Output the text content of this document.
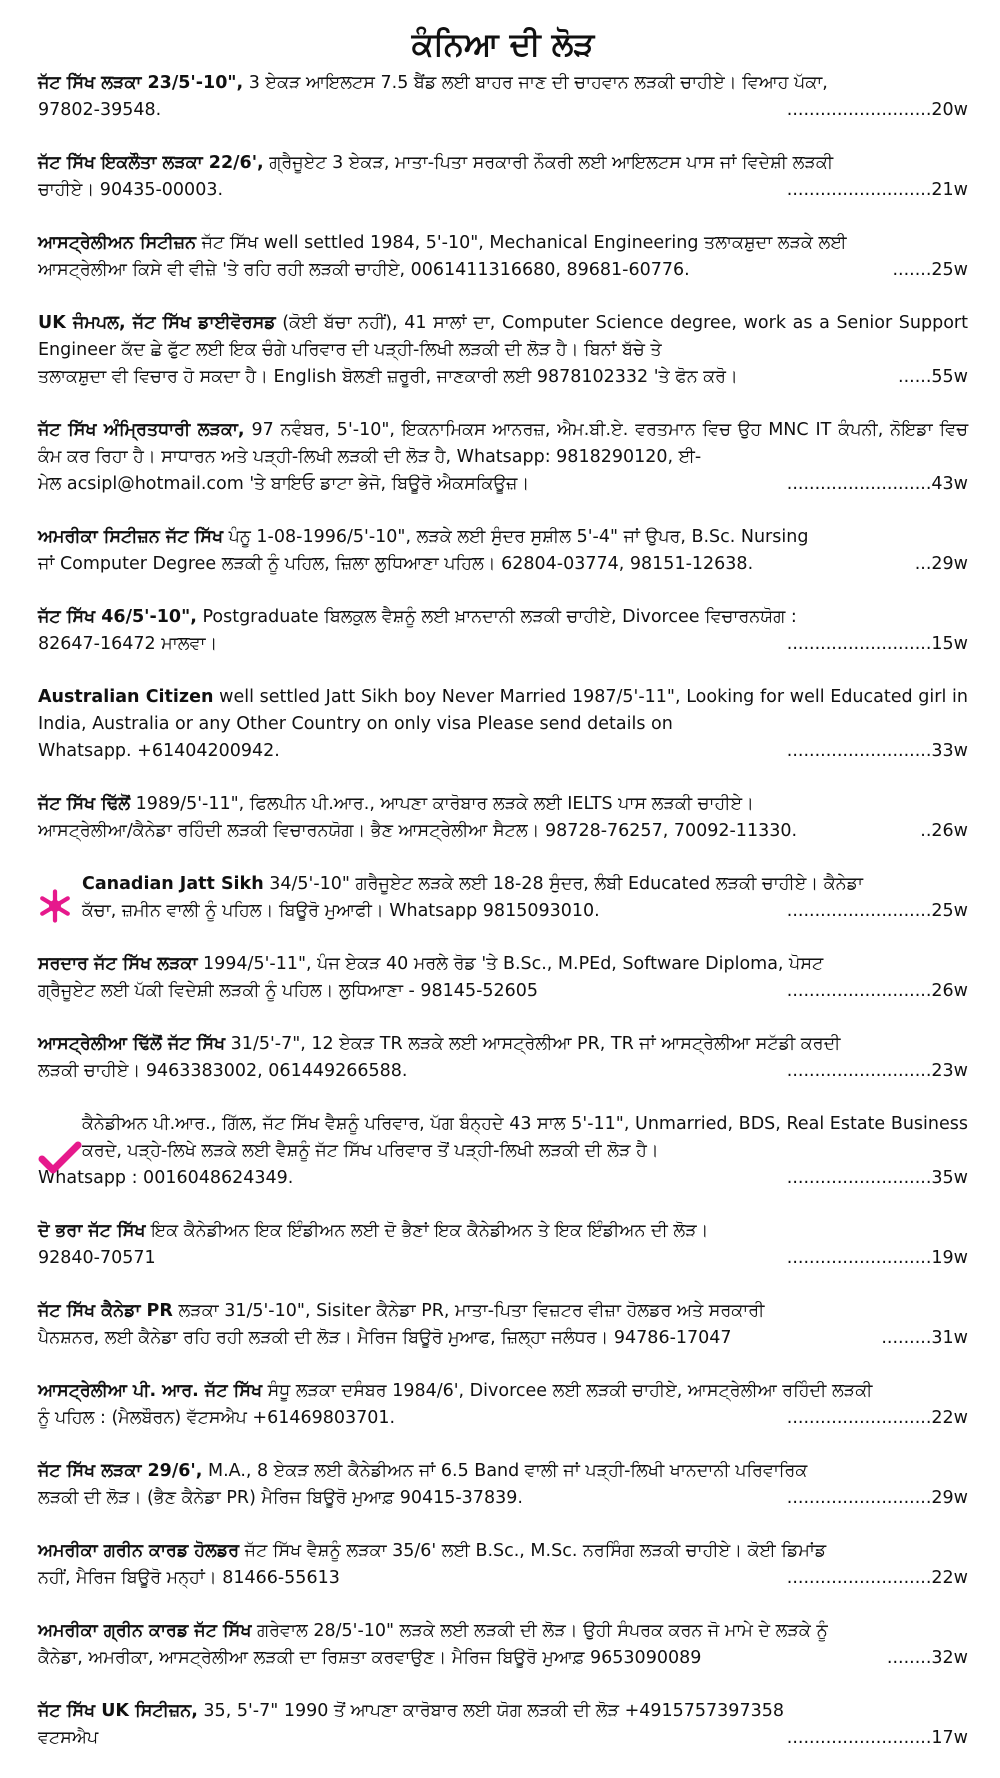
ਕੰਨਿਆ ਦੀ ਲੋੜ
ਜੱਟ ਸਿੱਖ ਲੜਕਾ 23/5'-10", 3 ਏਕੜ ਆਇਲਟਸ 7.5 ਬੈਂਡ ਲਈ ਬਾਹਰ ਜਾਣ ਦੀ ਚਾਹਵਾਨ ਲੜਕੀ ਚਾਹੀਏ। ਵਿਆਹ ਪੱਕਾ,
97802-39548.	..........................20w
ਜੱਟ ਸਿੱਖ ਇਕਲੌਤਾ ਲੜਕਾ 22/6', ਗ੍ਰੈਜੂਏਟ 3 ਏਕੜ, ਮਾਤਾ-ਪਿਤਾ ਸਰਕਾਰੀ ਨੌਕਰੀ ਲਈ ਆਇਲਟਸ ਪਾਸ ਜਾਂ ਵਿਦੇਸ਼ੀ ਲੜਕੀ
ਚਾਹੀਏ। 90435-00003.	..........................21w
ਆਸਟ੍ਰੇਲੀਅਨ ਸਿਟੀਜ਼ਨ ਜੱਟ ਸਿੱਖ well settled 1984, 5'-10", Mechanical Engineering ਤਲਾਕਸ਼ੁਦਾ ਲੜਕੇ ਲਈ
ਆਸਟ੍ਰੇਲੀਆ ਕਿਸੇ ਵੀ ਵੀਜ਼ੇ 'ਤੇ ਰਹਿ ਰਹੀ ਲੜਕੀ ਚਾਹੀਏ, 0061411316680, 89681-60776.	.......25w
UK ਜੰਮਪਲ, ਜੱਟ ਸਿੱਖ ਡਾਈਵੋਰਸਡ (ਕੋਈ ਬੱਚਾ ਨਹੀਂ), 41 ਸਾਲਾਂ ਦਾ, Computer Science degree, work as a Senior Support Engineer ਕੱਦ ਛੇ ਫੁੱਟ ਲਈ ਇਕ ਚੰਗੇ ਪਰਿਵਾਰ ਦੀ ਪੜ੍ਹੀ-ਲਿਖੀ ਲੜਕੀ ਦੀ ਲੋੜ ਹੈ। ਬਿਨਾਂ ਬੱਚੇ ਤੇ
ਤਲਾਕਸ਼ੁਦਾ ਵੀ ਵਿਚਾਰ ਹੋ ਸਕਦਾ ਹੈ। English ਬੋਲਣੀ ਜ਼ਰੂਰੀ, ਜਾਣਕਾਰੀ ਲਈ 9878102332 'ਤੇ ਫੋਨ ਕਰੋ।	......55w
ਜੱਟ ਸਿੱਖ ਅੰਮ੍ਰਿਤਧਾਰੀ ਲੜਕਾ, 97 ਨਵੰਬਰ, 5'-10", ਇਕਨਾਮਿਕਸ ਆਨਰਜ਼, ਐਮ.ਬੀ.ਏ. ਵਰਤਮਾਨ ਵਿਚ ਉਹ MNC IT ਕੰਪਨੀ, ਨੋਇਡਾ ਵਿਚ ਕੰਮ ਕਰ ਰਿਹਾ ਹੈ। ਸਾਧਾਰਨ ਅਤੇ ਪੜ੍ਹੀ-ਲਿਖੀ ਲੜਕੀ ਦੀ ਲੋੜ ਹੈ, Whatsapp: 9818290120, ਈ-
ਮੇਲ acsipl@hotmail.com 'ਤੇ ਬਾਇਓ ਡਾਟਾ ਭੇਜੋ, ਬਿਊਰੋ ਐਕਸਕਿਊਜ਼।	..........................43w
ਅਮਰੀਕਾ ਸਿਟੀਜ਼ਨ ਜੱਟ ਸਿੱਖ ਪੰਨੂ 1-08-1996/5'-10", ਲੜਕੇ ਲਈ ਸੁੰਦਰ ਸੁਸ਼ੀਲ 5'-4" ਜਾਂ ਉਪਰ, B.Sc. Nursing
ਜਾਂ Computer Degree ਲੜਕੀ ਨੂੰ ਪਹਿਲ, ਜ਼ਿਲਾ ਲੁਧਿਆਣਾ ਪਹਿਲ। 62804-03774, 98151-12638.	...29w
ਜੱਟ ਸਿੱਖ 46/5'-10", Postgraduate ਬਿਲਕੁਲ ਵੈਸ਼ਨੂੰ ਲਈ ਖ਼ਾਨਦਾਨੀ ਲੜਕੀ ਚਾਹੀਏ, Divorcee ਵਿਚਾਰਨਯੋਗ :
82647-16472 ਮਾਲਵਾ।	..........................15w
Australian Citizen well settled Jatt Sikh boy Never Married 1987/5'-11", Looking for well Educated girl in India, Australia or any Other Country on only visa Please send details on
Whatsapp. +61404200942.	..........................33w
ਜੱਟ ਸਿੱਖ ਢਿੱਲੋਂ 1989/5'-11", ਫਿਲਪੀਨ ਪੀ.ਆਰ., ਆਪਣਾ ਕਾਰੋਬਾਰ ਲੜਕੇ ਲਈ IELTS ਪਾਸ ਲੜਕੀ ਚਾਹੀਏ।
ਆਸਟ੍ਰੇਲੀਆ/ਕੈਨੇਡਾ ਰਹਿੰਦੀ ਲੜਕੀ ਵਿਚਾਰਨਯੋਗ। ਭੈਣ ਆਸਟ੍ਰੇਲੀਆ ਸੈਟਲ। 98728-76257, 70092-11330.	..26w
Canadian Jatt Sikh 34/5'-10" ਗਰੈਜੂਏਟ ਲੜਕੇ ਲਈ 18-28 ਸੁੰਦਰ, ਲੰਬੀ Educated ਲੜਕੀ ਚਾਹੀਏ। ਕੈਨੇਡਾ
ਕੱਚਾ, ਜ਼ਮੀਨ ਵਾਲੀ ਨੂੰ ਪਹਿਲ। ਬਿਊਰੋ ਮੁਆਫੀ। Whatsapp 9815093010.	..........................25w
ਸਰਦਾਰ ਜੱਟ ਸਿੱਖ ਲੜਕਾ 1994/5'-11", ਪੰਜ ਏਕੜ 40 ਮਰਲੇ ਰੋਡ 'ਤੇ B.Sc., M.PEd, Software Diploma, ਪੋਸਟ
ਗ੍ਰੈਜੂਏਟ ਲਈ ਪੱਕੀ ਵਿਦੇਸ਼ੀ ਲੜਕੀ ਨੂੰ ਪਹਿਲ। ਲੁਧਿਆਣਾ - 98145-52605	..........................26w
ਆਸਟ੍ਰੇਲੀਆ ਢਿੱਲੋਂ ਜੱਟ ਸਿੱਖ 31/5'-7", 12 ਏਕੜ TR ਲੜਕੇ ਲਈ ਆਸਟ੍ਰੇਲੀਆ PR, TR ਜਾਂ ਆਸਟ੍ਰੇਲੀਆ ਸਟੱਡੀ ਕਰਦੀ
ਲੜਕੀ ਚਾਹੀਏ। 9463383002, 061449266588.	..........................23w
ਕੈਨੇਡੀਅਨ ਪੀ.ਆਰ., ਗਿੱਲ, ਜੱਟ ਸਿੱਖ ਵੈਸ਼ਨੂੰ ਪਰਿਵਾਰ, ਪੱਗ ਬੰਨ੍ਹਦੇ 43 ਸਾਲ 5'-11", Unmarried, BDS, Real Estate Business ਕਰਦੇ, ਪੜ੍ਹੇ-ਲਿਖੇ ਲੜਕੇ ਲਈ ਵੈਸ਼ਨੂੰ ਜੱਟ ਸਿੱਖ ਪਰਿਵਾਰ ਤੋਂ ਪੜ੍ਹੀ-ਲਿਖੀ ਲੜਕੀ ਦੀ ਲੋੜ ਹੈ।
Whatsapp : 0016048624349.	..........................35w
ਦੋ ਭਰਾ ਜੱਟ ਸਿੱਖ ਇਕ ਕੈਨੇਡੀਅਨ ਇਕ ਇੰਡੀਅਨ ਲਈ ਦੋ ਭੈਣਾਂ ਇਕ ਕੈਨੇਡੀਅਨ ਤੇ ਇਕ ਇੰਡੀਅਨ ਦੀ ਲੋੜ।
92840-70571	..........................19w
ਜੱਟ ਸਿੱਖ ਕੈਨੇਡਾ PR ਲੜਕਾ 31/5'-10", Sisiter ਕੈਨੇਡਾ PR, ਮਾਤਾ-ਪਿਤਾ ਵਿਜ਼ਟਰ ਵੀਜ਼ਾ ਹੋਲਡਰ ਅਤੇ ਸਰਕਾਰੀ
ਪੈਨਸ਼ਨਰ, ਲਈ ਕੈਨੇਡਾ ਰਹਿ ਰਹੀ ਲੜਕੀ ਦੀ ਲੋੜ। ਮੈਰਿਜ ਬਿਊਰੋ ਮੁਆਫ, ਜ਼ਿਲ੍ਹਾ ਜਲੰਧਰ। 94786-17047	.........31w
ਆਸਟ੍ਰੇਲੀਆ ਪੀ. ਆਰ. ਜੱਟ ਸਿੱਖ ਸੰਧੂ ਲੜਕਾ ਦਸੰਬਰ 1984/6', Divorcee ਲਈ ਲੜਕੀ ਚਾਹੀਏ, ਆਸਟ੍ਰੇਲੀਆ ਰਹਿੰਦੀ ਲੜਕੀ
ਨੂੰ ਪਹਿਲ : (ਮੈਲਬੌਰਨ) ਵੱਟਸਐਪ +61469803701.	..........................22w
ਜੱਟ ਸਿੱਖ ਲੜਕਾ 29/6', M.A., 8 ਏਕੜ ਲਈ ਕੈਨੇਡੀਅਨ ਜਾਂ 6.5 Band ਵਾਲੀ ਜਾਂ ਪੜ੍ਹੀ-ਲਿਖੀ ਖਾਨਦਾਨੀ ਪਰਿਵਾਰਿਕ
ਲੜਕੀ ਦੀ ਲੋੜ। (ਭੈਣ ਕੈਨੇਡਾ PR) ਮੈਰਿਜ ਬਿਊਰੋ ਮੁਆਫ਼ 90415-37839.	..........................29w
ਅਮਰੀਕਾ ਗਰੀਨ ਕਾਰਡ ਹੋਲਡਰ ਜੱਟ ਸਿੱਖ ਵੈਸ਼ਨੂੰ ਲੜਕਾ 35/6' ਲਈ B.Sc., M.Sc. ਨਰਸਿੰਗ ਲੜਕੀ ਚਾਹੀਏ। ਕੋਈ ਡਿਮਾਂਡ
ਨਹੀਂ, ਮੈਰਿਜ ਬਿਊਰੋ ਮਨ੍ਹਾਂ। 81466-55613	..........................22w
ਅਮਰੀਕਾ ਗ੍ਰੀਨ ਕਾਰਡ ਜੱਟ ਸਿੱਖ ਗਰੇਵਾਲ 28/5'-10" ਲੜਕੇ ਲਈ ਲੜਕੀ ਦੀ ਲੋੜ। ਉਹੀ ਸੰਪਰਕ ਕਰਨ ਜੋ ਮਾਮੇ ਦੇ ਲੜਕੇ ਨੂੰ
ਕੈਨੇਡਾ, ਅਮਰੀਕਾ, ਆਸਟ੍ਰੇਲੀਆ ਲੜਕੀ ਦਾ ਰਿਸ਼ਤਾ ਕਰਵਾਉਣ। ਮੈਰਿਜ ਬਿਊਰੋ ਮੁਆਫ਼ 9653090089	........32w
ਜੱਟ ਸਿੱਖ UK ਸਿਟੀਜ਼ਨ, 35, 5'-7" 1990 ਤੋਂ ਆਪਣਾ ਕਾਰੋਬਾਰ ਲਈ ਯੋਗ ਲੜਕੀ ਦੀ ਲੋੜ +4915757397358
ਵਟਸਐਪ	..........................17w
